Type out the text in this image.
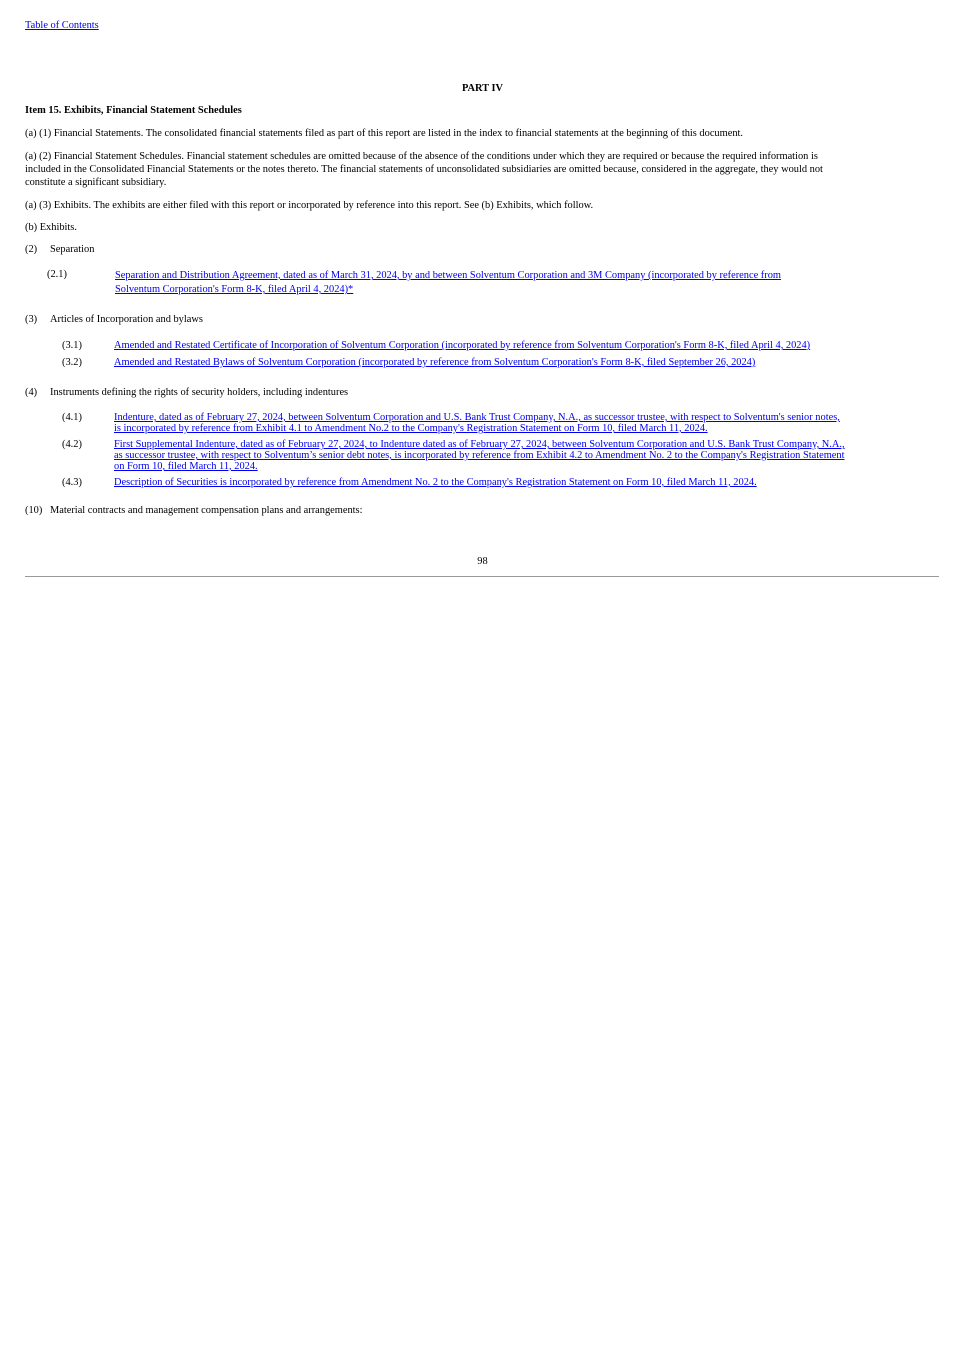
Table of Contents
PART IV
Item 15. Exhibits, Financial Statement Schedules
(a) (1) Financial Statements. The consolidated financial statements filed as part of this report are listed in the index to financial statements at the beginning of this document.
(a) (2) Financial Statement Schedules. Financial statement schedules are omitted because of the absence of the conditions under which they are required or because the required information is
included in the Consolidated Financial Statements or the notes thereto. The financial statements of unconsolidated subsidiaries are omitted because, considered in the aggregate, they would not
constitute a significant subsidiary.
(a) (3) Exhibits. The exhibits are either filed with this report or incorporated by reference into this report. See (b) Exhibits, which follow.
(b) Exhibits.
(2) Separation
(2.1)	Separation and Distribution Agreement, dated as of March 31, 2024, by and between Solventum Corporation and 3M Company (incorporated by reference from
Solventum Corporation's Form 8-K, filed April 4, 2024)*
(3) Articles of Incorporation and bylaws
(3.1)	Amended and Restated Certificate of Incorporation of Solventum Corporation (incorporated by reference from Solventum Corporation's Form 8-K, filed April 4, 2024)
(3.2)	Amended and Restated Bylaws of Solventum Corporation (incorporated by reference from Solventum Corporation's Form 8-K, filed September 26, 2024)
(4) Instruments defining the rights of security holders, including indentures
(4.1)	Indenture, dated as of February 27, 2024, between Solventum Corporation and U.S. Bank Trust Company, N.A., as successor trustee, with respect to Solventum's senior notes,
is incorporated by reference from Exhibit 4.1 to Amendment No.2 to the Company's Registration Statement on Form 10, filed March 11, 2024.
(4.2)	First Supplemental Indenture, dated as of February 27, 2024, to Indenture dated as of February 27, 2024, between Solventum Corporation and U.S. Bank Trust Company, N.A.,
as successor trustee, with respect to Solventum’s senior debt notes, is incorporated by reference from Exhibit 4.2 to Amendment No. 2 to the Company's Registration Statement
on Form 10, filed March 11, 2024.
(4.3)	Description of Securities is incorporated by reference from Amendment No. 2 to the Company's Registration Statement on Form 10, filed March 11, 2024.
(10) Material contracts and management compensation plans and arrangements:
98
